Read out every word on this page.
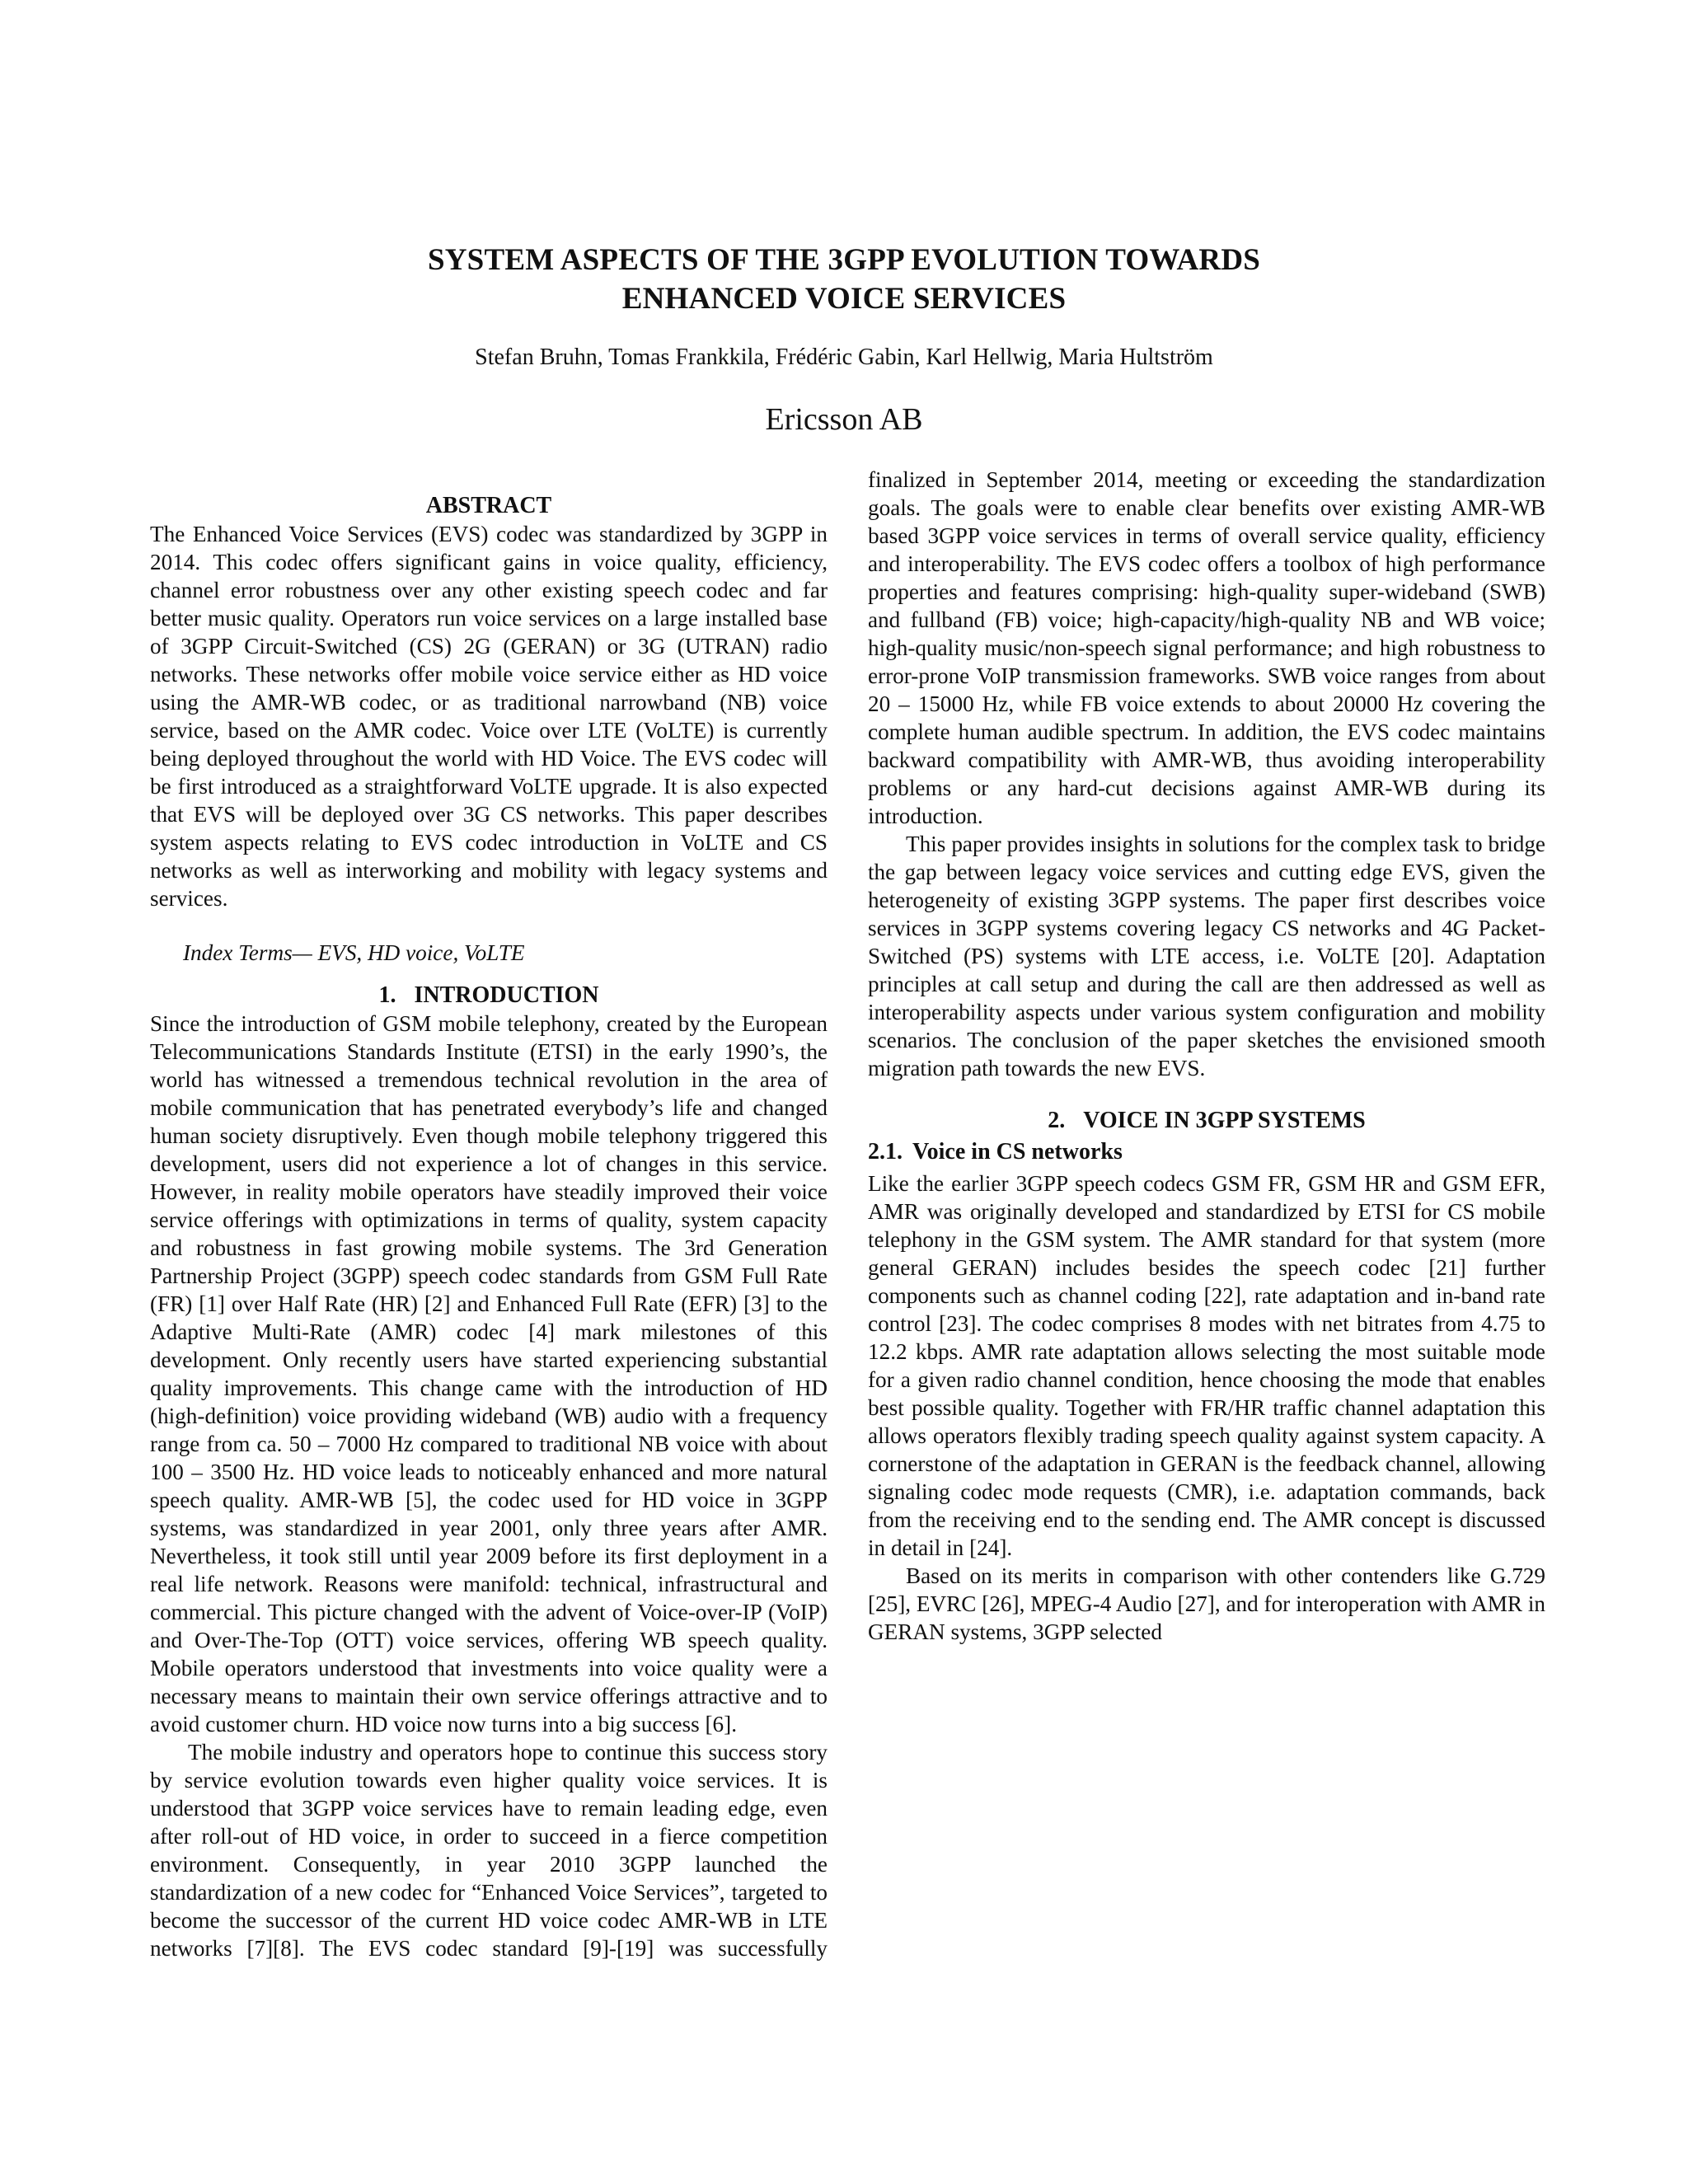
SYSTEM ASPECTS OF THE 3GPP EVOLUTION TOWARDS
ENHANCED VOICE SERVICES

Stefan Bruhn, Tomas Frankkila, Frédéric Gabin, Karl Hellwig, Maria Hultström

Ericsson AB

ABSTRACT

The Enhanced Voice Services (EVS) codec was standardized by 3GPP in 2014. This codec offers significant gains in voice quality, efficiency, channel error robustness over any other existing speech codec and far better music quality. Operators run voice services on a large installed base of 3GPP Circuit-Switched (CS) 2G (GERAN) or 3G (UTRAN) radio networks. These networks offer mobile voice service either as HD voice using the AMR-WB codec, or as traditional narrowband (NB) voice service, based on the AMR codec. Voice over LTE (VoLTE) is currently being deployed throughout the world with HD Voice. The EVS codec will be first introduced as a straightforward VoLTE upgrade. It is also expected that EVS will be deployed over 3G CS networks. This paper describes system aspects relating to EVS codec introduction in VoLTE and CS networks as well as interworking and mobility with legacy systems and services.

Index Terms— EVS, HD voice, VoLTE

1. INTRODUCTION

Since the introduction of GSM mobile telephony, created by the European Telecommunications Standards Institute (ETSI) in the early 1990’s, the world has witnessed a tremendous technical revolution in the area of mobile communication that has penetrated everybody’s life and changed human society disruptively. Even though mobile telephony triggered this development, users did not experience a lot of changes in this service. However, in reality mobile operators have steadily improved their voice service offerings with optimizations in terms of quality, system capacity and robustness in fast growing mobile systems. The 3rd Generation Partnership Project (3GPP) speech codec standards from GSM Full Rate (FR) [1] over Half Rate (HR) [2] and Enhanced Full Rate (EFR) [3] to the Adaptive Multi-Rate (AMR) codec [4] mark milestones of this development. Only recently users have started experiencing substantial quality improvements. This change came with the introduction of HD (high-definition) voice providing wideband (WB) audio with a frequency range from ca. 50 – 7000 Hz compared to traditional NB voice with about 100 – 3500 Hz. HD voice leads to noticeably enhanced and more natural speech quality. AMR-WB [5], the codec used for HD voice in 3GPP systems, was standardized in year 2001, only three years after AMR. Nevertheless, it took still until year 2009 before its first deployment in a real life network. Reasons were manifold: technical, infrastructural and commercial. This picture changed with the advent of Voice-over-IP (VoIP) and Over-The-Top (OTT) voice services, offering WB speech quality. Mobile operators understood that investments into voice quality were a necessary means to maintain their own service offerings attractive and to avoid customer churn. HD voice now turns into a big success [6].

The mobile industry and operators hope to continue this success story by service evolution towards even higher quality voice services. It is understood that 3GPP voice services have to remain leading edge, even after roll-out of HD voice, in order to succeed in a fierce competition environment. Consequently, in year 2010 3GPP launched the standardization of a new codec for “Enhanced Voice Services”, targeted to become the successor of the current HD voice codec AMR-WB in LTE networks [7][8]. The EVS codec standard [9]-[19] was successfully

finalized in September 2014, meeting or exceeding the standardization goals. The goals were to enable clear benefits over existing AMR-WB based 3GPP voice services in terms of overall service quality, efficiency and interoperability. The EVS codec offers a toolbox of high performance properties and features comprising: high-quality super-wideband (SWB) and fullband (FB) voice; high-capacity/high-quality NB and WB voice; high-quality music/non-speech signal performance; and high robustness to error-prone VoIP transmission frameworks. SWB voice ranges from about 20 – 15000 Hz, while FB voice extends to about 20000 Hz covering the complete human audible spectrum. In addition, the EVS codec maintains backward compatibility with AMR-WB, thus avoiding interoperability problems or any hard-cut decisions against AMR-WB during its introduction.

This paper provides insights in solutions for the complex task to bridge the gap between legacy voice services and cutting edge EVS, given the heterogeneity of existing 3GPP systems. The paper first describes voice services in 3GPP systems covering legacy CS networks and 4G Packet-Switched (PS) systems with LTE access, i.e. VoLTE [20]. Adaptation principles at call setup and during the call are then addressed as well as interoperability aspects under various system configuration and mobility scenarios. The conclusion of the paper sketches the envisioned smooth migration path towards the new EVS.

2. VOICE IN 3GPP SYSTEMS
2.1. Voice in CS networks

Like the earlier 3GPP speech codecs GSM FR, GSM HR and GSM EFR, AMR was originally developed and standardized by ETSI for CS mobile telephony in the GSM system. The AMR standard for that system (more general GERAN) includes besides the speech codec [21] further components such as channel coding [22], rate adaptation and in-band rate control [23]. The codec comprises 8 modes with net bitrates from 4.75 to 12.2 kbps. AMR rate adaptation allows selecting the most suitable mode for a given radio channel condition, hence choosing the mode that enables best possible quality. Together with FR/HR traffic channel adaptation this allows operators flexibly trading speech quality against system capacity. A cornerstone of the adaptation in GERAN is the feedback channel, allowing signaling codec mode requests (CMR), i.e. adaptation commands, back from the receiving end to the sending end. The AMR concept is discussed in detail in [24].

Based on its merits in comparison with other contenders like G.729 [25], EVRC [26], MPEG-4 Audio [27], and for interoperation with AMR in GERAN systems, 3GPP selected
